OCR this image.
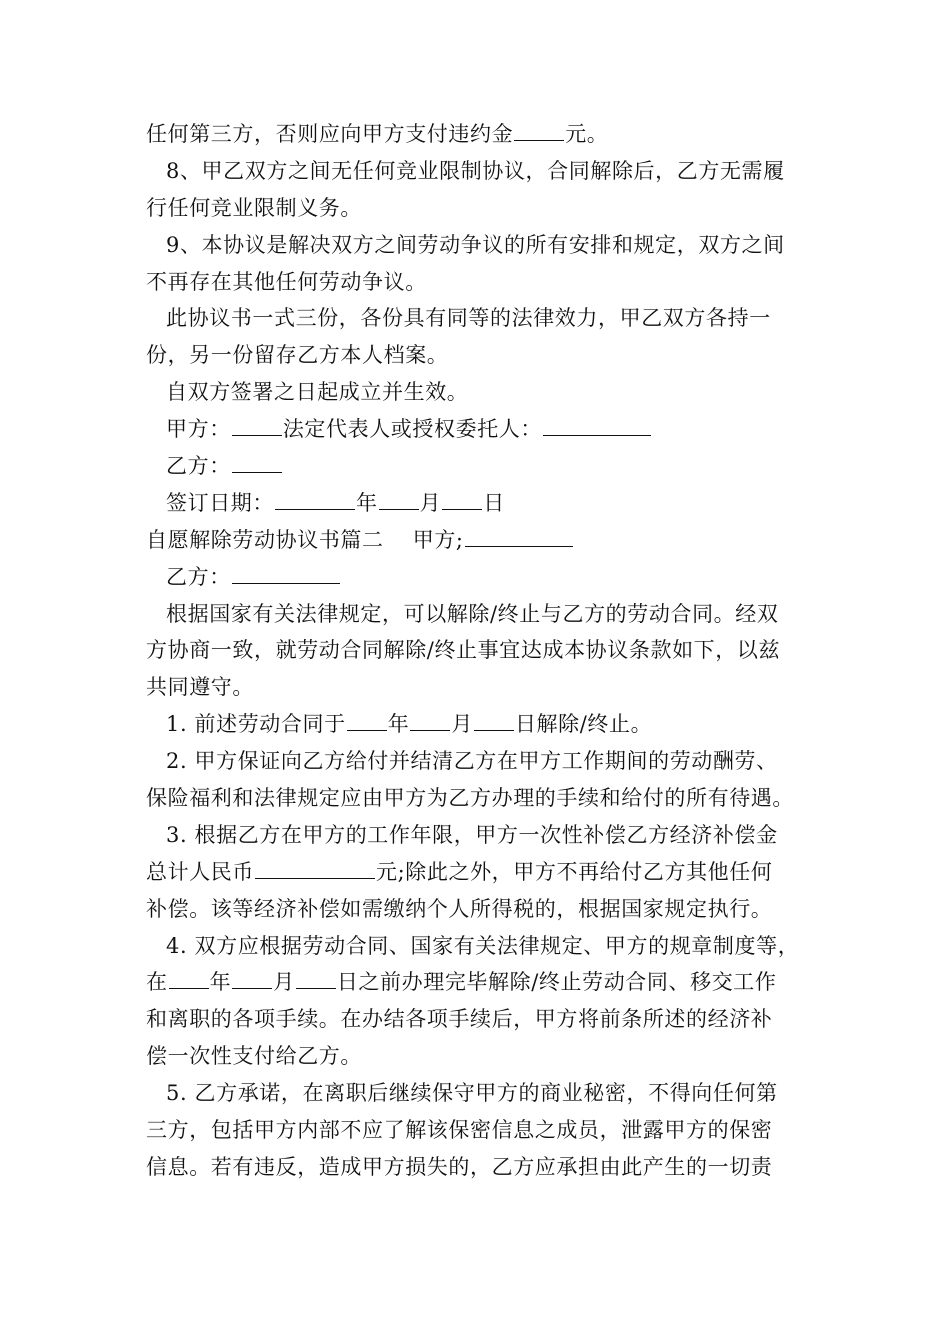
任何第三方，否则应向甲方支付违约金 元。
8、甲乙双方之间无任何竞业限制协议，合同解除后，乙方无需履
行任何竞业限制义务。
9、本协议是解决双方之间劳动争议的所有安排和规定，双方之间
不再存在其他任何劳动争议。
此协议书一式三份，各份具有同等的法律效力，甲乙双方各持一
份，另一份留存乙方本人档案。
自双方签署之日起成立并生效。
甲方： 法定代表人或授权委托人：
乙方：
签订日期：	年 月 日
自愿解除劳动协议书篇二 甲方;
乙方：
根据国家有关法律规定，可以解除/终止与乙方的劳动合同。经双
方协商一致，就劳动合同解除/终止事宜达成本协议条款如下，以兹
共同遵守。
1. 前述劳动合同于 年 月 日解除/终止。
2. 甲方保证向乙方给付并结清乙方在甲方工作期间的劳动酬劳、
保险福利和法律规定应由甲方为乙方办理的手续和给付的所有待遇。
3. 根据乙方在甲方的工作年限，甲方一次性补偿乙方经济补偿金
总计人民币	元;除此之外，甲方不再给付乙方其他任何
补偿。该等经济补偿如需缴纳个人所得税的，根据国家规定执行。
4. 双方应根据劳动合同、国家有关法律规定、甲方的规章制度等，
在 年 月 日之前办理完毕解除/终止劳动合同、移交工作
和离职的各项手续。在办结各项手续后，甲方将前条所述的经济补
偿一次性支付给乙方。
5. 乙方承诺，在离职后继续保守甲方的商业秘密，不得向任何第
三方，包括甲方内部不应了解该保密信息之成员，泄露甲方的保密
信息。若有违反，造成甲方损失的，乙方应承担由此产生的一切责
